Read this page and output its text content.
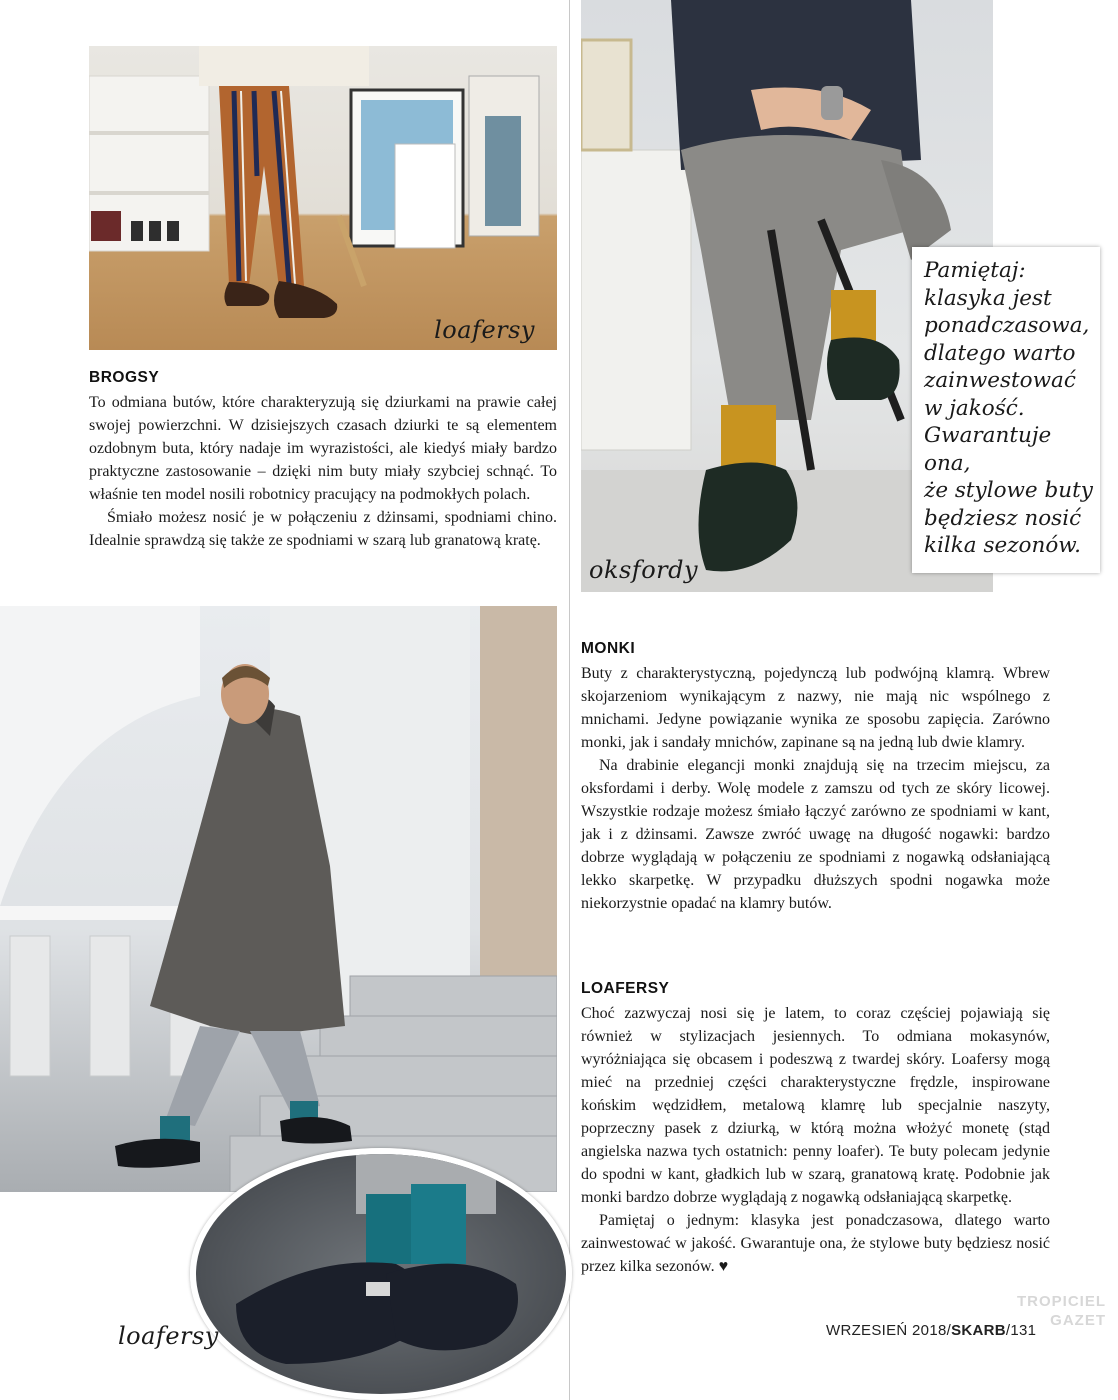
loafersy
BROGSY

To odmiana butów, które charakteryzują się dziurkami na prawie całej swojej powierzchni. W dzisiejszych czasach dziurki te są elementem ozdobnym buta, który nadaje im wyrazistości, ale kiedyś miały bardzo praktyczne zastosowanie – dzięki nim buty miały szybciej schnąć. To właśnie ten model nosili robotnicy pracujący na podmokłych polach.

Śmiało możesz nosić je w połączeniu z dżinsami, spodniami chino. Idealnie sprawdzą się także ze spodniami w szarą lub granatową kratę.

oksfordy
Pamiętaj:
klasyka jest
ponadczasowa,
dlatego warto
zainwestować
w jakość.
Gwarantuje
ona,
że stylowe buty
będziesz nosić
kilka sezonów.
loafersy
MONKI

Buty z charakterystyczną, pojedynczą lub podwójną klamrą. Wbrew skojarzeniom wynikającym z nazwy, nie mają nic wspólnego z mnichami. Jedyne powiązanie wynika ze sposobu zapięcia. Zarówno monki, jak i sandały mnichów, zapinane są na jedną lub dwie klamry.

Na drabinie elegancji monki znajdują się na trzecim miejscu, za oksfordami i derby. Wolę modele z zamszu od tych ze skóry licowej. Wszystkie rodzaje możesz śmiało łączyć zarówno ze spodniami w kant, jak i z dżinsami. Zawsze zwróć uwagę na długość nogawki: bardzo dobrze wyglądają w połączeniu ze spodniami z nogawką odsłaniającą lekko skarpetkę. W przypadku dłuższych spodni nogawka może niekorzystnie opadać na klamry butów.

LOAFERSY

Choć zazwyczaj nosi się je latem, to coraz częściej pojawiają się również w stylizacjach jesiennych. To odmiana mokasynów, wyróżniająca się obcasem i podeszwą z twardej skóry. Loafersy mogą mieć na przedniej części charakterystyczne frędzle, inspirowane końskim wędzidłem, metalową klamrę lub specjalnie naszyty, poprzeczny pasek z dziurką, w którą można włożyć monetę (stąd angielska nazwa tych ostatnich: penny loafer). Te buty polecam jedynie do spodni w kant, gładkich lub w szarą, granatową kratę. Podobnie jak monki bardzo dobrze wyglądają z nogawką odsłaniającą skarpetkę.

Pamiętaj o jednym: klasyka jest ponadczasowa, dlatego warto zainwestować w jakość. Gwarantuje ona, że stylowe buty będziesz nosić przez kilka sezonów. ♥

TROPICIEL
GAZET
WRZESIEŃ 2018/SKARB/131
